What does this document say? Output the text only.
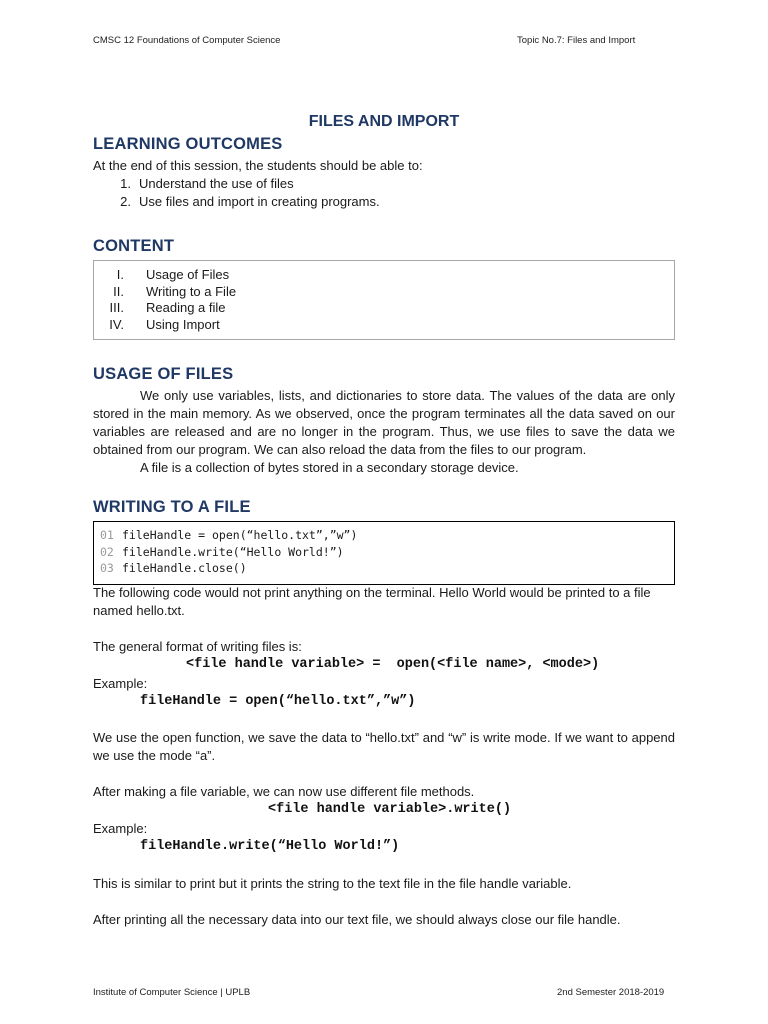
CMSC 12 Foundations of Computer Science	Topic No.7: Files and Import
FILES AND IMPORT
LEARNING OUTCOMES
At the end of this session, the students should be able to:
1. Understand the use of files
2. Use files and import in creating programs.
CONTENT
I.	Usage of Files
II.	Writing to a File
III.	Reading a file
IV.	Using Import
USAGE OF FILES
We only use variables, lists, and dictionaries to store data. The values of the data are only stored in the main memory. As we observed, once the program terminates all the data saved on our variables are released and are no longer in the program. Thus, we use files to save the data we obtained from our program. We can also reload the data from the files to our program.
A file is a collection of bytes stored in a secondary storage device.
WRITING TO A FILE
01 fileHandle = open(“hello.txt”,”w”)
02 fileHandle.write(“Hello World!”)
03 fileHandle.close()
The following code would not print anything on the terminal. Hello World would be printed to a file named hello.txt.
The general format of writing files is:
<file handle variable> =  open(<file name>, <mode>)
Example:
fileHandle = open(“hello.txt”,”w”)
We use the open function, we save the data to “hello.txt” and “w” is write mode. If we want to append we use the mode “a”.
After making a file variable, we can now use different file methods.
<file handle variable>.write()
Example:
fileHandle.write(“Hello World!”)
This is similar to print but it prints the string to the text file in the file handle variable.
After printing all the necessary data into our text file, we should always close our file handle.
Institute of Computer Science | UPLB	2nd Semester 2018-2019
